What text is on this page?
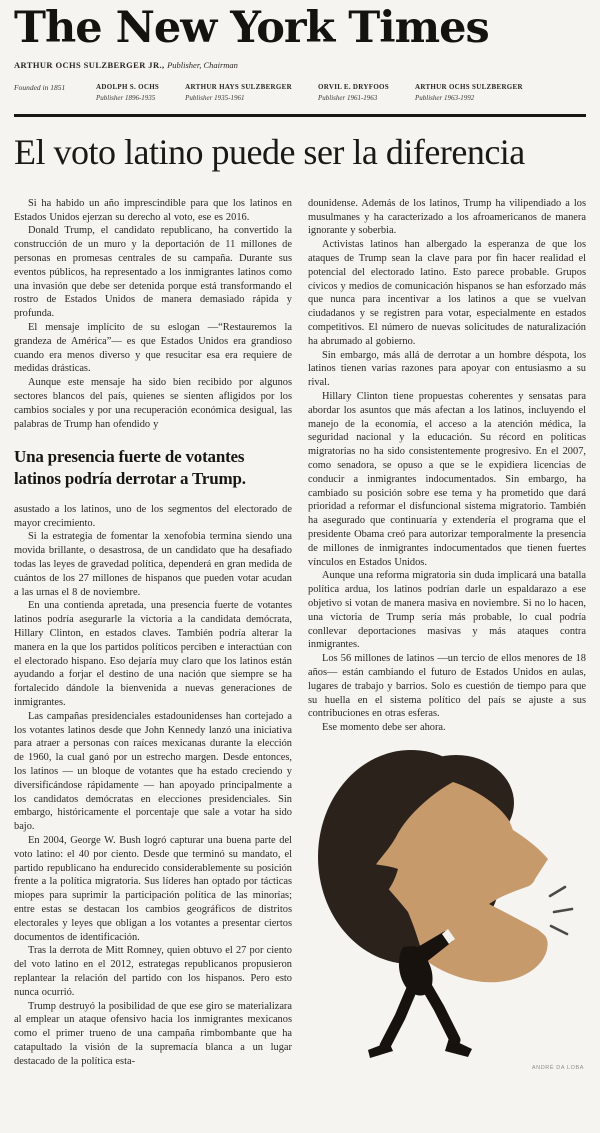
The New York Times
ARTHUR OCHS SULZBERGER JR., Publisher, Chairman
Founded in 1851	ADOLPH S. OCHS
Publisher 1896-1935
ARTHUR HAYS SULZBERGER
Publisher 1935-1961
ORVIL E. DRYFOOS
Publisher 1961-1963
ARTHUR OCHS SULZBERGER
Publisher 1963-1992
El voto latino puede ser la diferencia

Si ha habido un año imprescindible para que los latinos en Estados Unidos ejerzan su derecho al voto, ese es 2016.

Donald Trump, el candidato republicano, ha convertido la construcción de un muro y la deportación de 11 millones de personas en promesas centrales de su campaña. Durante sus eventos públicos, ha representado a los inmigrantes latinos como una invasión que debe ser detenida porque está transformando el rostro de Estados Unidos de manera demasiado rápida y profunda.

El mensaje implícito de su eslogan —“Restauremos la grandeza de América”— es que Estados Unidos era grandioso cuando era menos diverso y que resucitar esa era requiere de medidas drásticas.

Aunque este mensaje ha sido bien recibido por algunos sectores blancos del país, quienes se sienten afligidos por los cambios sociales y por una recuperación económica desigual, las palabras de Trump han ofendido y

Una presencia fuerte de votantes latinos podría derrotar a Trump.

asustado a los latinos, uno de los segmentos del electorado de mayor crecimiento.

Si la estrategia de fomentar la xenofobia termina siendo una movida brillante, o desastrosa, de un candidato que ha desafiado todas las leyes de gravedad política, dependerá en gran medida de cuántos de los 27 millones de hispanos que pueden votar acudan a las urnas el 8 de noviembre.

En una contienda apretada, una presencia fuerte de votantes latinos podría asegurarle la victoria a la candidata demócrata, Hillary Clinton, en estados claves. También podría alterar la manera en la que los partidos políticos perciben e interactúan con el electorado hispano. Eso dejaría muy claro que los latinos están ayudando a forjar el destino de una nación que siempre se ha fortalecido dándole la bienvenida a nuevas generaciones de inmigrantes.

Las campañas presidenciales estadounidenses han cortejado a los votantes latinos desde que John Kennedy lanzó una iniciativa para atraer a personas con raíces mexicanas durante la elección de 1960, la cual ganó por un estrecho margen. Desde entonces, los latinos — un bloque de votantes que ha estado creciendo y diversificándose rápidamente — han apoyado principalmente a los candidatos demócratas en elecciones presidenciales. Sin embargo, históricamente el porcentaje que sale a votar ha sido bajo.

En 2004, George W. Bush logró capturar una buena parte del voto latino: el 40 por ciento. Desde que terminó su mandato, el partido republicano ha endurecido considerablemente su posición frente a la política migratoria. Sus líderes han optado por tácticas miopes para suprimir la participación política de las minorías; entre estas se destacan los cambios geográficos de distritos electorales y leyes que obligan a los votantes a presentar ciertos documentos de identificación.

Tras la derrota de Mitt Romney, quien obtuvo el 27 por ciento del voto latino en el 2012, estrategas republicanos propusieron replantear la relación del partido con los hispanos. Pero esto nunca ocurrió.

Trump destruyó la posibilidad de que ese giro se materializara al emplear un ataque ofensivo hacia los inmigrantes mexicanos como el primer trueno de una campaña rimbombante que ha catapultado la visión de la supremacía blanca a un lugar destacado de la política esta-

dounidense. Además de los latinos, Trump ha vilipendiado a los musulmanes y ha caracterizado a los afroamericanos de manera ignorante y soberbia.

Activistas latinos han albergado la esperanza de que los ataques de Trump sean la clave para por fin hacer realidad el potencial del electorado latino. Esto parece probable. Grupos cívicos y medios de comunicación hispanos se han esforzado más que nunca para incentivar a los latinos a que se vuelvan ciudadanos y se registren para votar, especialmente en estados competitivos. El número de nuevas solicitudes de naturalización ha abrumado al gobierno.

Sin embargo, más allá de derrotar a un hombre déspota, los latinos tienen varias razones para apoyar con entusiasmo a su rival.

Hillary Clinton tiene propuestas coherentes y sensatas para abordar los asuntos que más afectan a los latinos, incluyendo el manejo de la economía, el acceso a la atención médica, la seguridad nacional y la educación. Su récord en políticas migratorias no ha sido consistentemente progresivo. En el 2007, como senadora, se opuso a que se le expidiera licencias de conducir a inmigrantes indocumentados. Sin embargo, ha cambiado su posición sobre ese tema y ha prometido que dará prioridad a reformar el disfuncional sistema migratorio. También ha asegurado que continuaría y extendería el programa que el presidente Obama creó para autorizar temporalmente la presencia de millones de inmigrantes indocumentados que tienen fuertes vínculos en Estados Unidos.

Aunque una reforma migratoria sin duda implicará una batalla política ardua, los latinos podrían darle un espaldarazo a ese objetivo si votan de manera masiva en noviembre. Si no lo hacen, una victoria de Trump sería más probable, lo cual podría conllevar deportaciones masivas y más ataques contra inmigrantes.

Los 56 millones de latinos —un tercio de ellos menores de 18 años— están cambiando el futuro de Estados Unidos en aulas, lugares de trabajo y barrios. Solo es cuestión de tiempo para que su huella en el sistema político del país se ajuste a sus contribuciones en otras esferas.

Ese momento debe ser ahora.

ANDRÉ DA LOBA
